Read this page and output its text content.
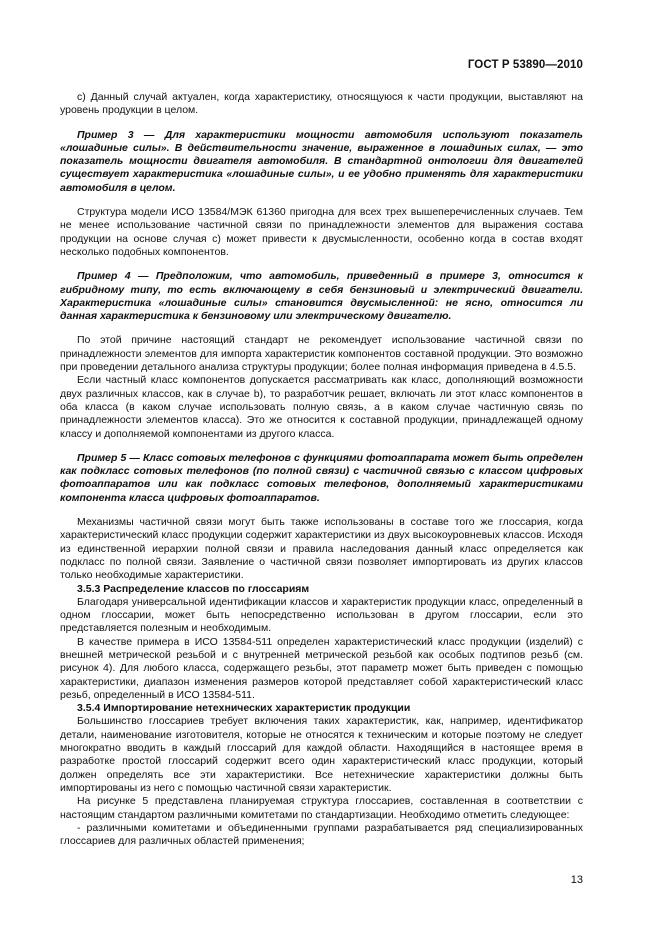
ГОСТ Р 53890—2010

с) Данный случай актуален, когда характеристику, относящуюся к части продукции, выставляют на уровень продукции в целом.

Пример 3 — Для характеристики мощности автомобиля используют показатель «лошадиные силы». В действительности значение, выраженное в лошадиных силах, — это показатель мощности двигателя автомобиля. В стандартной онтологии для двигателей существует характеристика «лошадиные силы», и ее удобно применять для характеристики автомобиля в целом.

Структура модели ИСО 13584/МЭК 61360 пригодна для всех трех вышеперечисленных случаев. Тем не менее использование частичной связи по принадлежности элементов для выражения состава продукции на основе случая с) может привести к двусмысленности, особенно когда в состав входят несколько подобных компонентов.

Пример 4 — Предположим, что автомобиль, приведенный в примере 3, относится к гибридному типу, то есть включающему в себя бензиновый и электрический двигатели. Характеристика «лошадиные силы» становится двусмысленной: не ясно, относится ли данная характеристика к бензиновому или электрическому двигателю.

По этой причине настоящий стандарт не рекомендует использование частичной связи по принадлежности элементов для импорта характеристик компонентов составной продукции. Это возможно при проведении детального анализа структуры продукции; более полная информация приведена в 4.5.5.

Если частный класс компонентов допускается рассматривать как класс, дополняющий возможности двух различных классов, как в случае b), то разработчик решает, включать ли этот класс компонентов в оба класса (в каком случае использовать полную связь, а в каком случае частичную связь по принадлежности элементов класса). Это же относится к составной продукции, принадлежащей одному классу и дополняемой компонентами из другого класса.

Пример 5 — Класс сотовых телефонов с функциями фотоаппарата может быть определен как подкласс сотовых телефонов (по полной связи) с частичной связью с классом цифровых фотоаппаратов или как подкласс сотовых телефонов, дополняемый характеристиками компонента класса цифровых фотоаппаратов.

Механизмы частичной связи могут быть также использованы в составе того же глоссария, когда характеристический класс продукции содержит характеристики из двух высокоуровневых классов. Исходя из единственной иерархии полной связи и правила наследования данный класс определяется как подкласс по полной связи. Заявление о частичной связи позволяет импортировать из других классов только необходимые характеристики.

3.5.3 Распределение классов по глоссариям

Благодаря универсальной идентификации классов и характеристик продукции класс, определенный в одном глоссарии, может быть непосредственно использован в другом глоссарии, если это представляется полезным и необходимым.

В качестве примера в ИСО 13584-511 определен характеристический класс продукции (изделий) с внешней метрической резьбой и с внутренней метрической резьбой как особых подтипов резьб (см. рисунок 4). Для любого класса, содержащего резьбы, этот параметр может быть приведен с помощью характеристики, диапазон изменения размеров которой представляет собой характеристический класс резьб, определенный в ИСО 13584-511.

3.5.4 Импортирование нетехнических характеристик продукции

Большинство глоссариев требует включения таких характеристик, как, например, идентификатор детали, наименование изготовителя, которые не относятся к техническим и которые поэтому не следует многократно вводить в каждый глоссарий для каждой области. Находящийся в настоящее время в разработке простой глоссарий содержит всего один характеристический класс продукции, который должен определять все эти характеристики. Все нетехнические характеристики должны быть импортированы из него с помощью частичной связи характеристик.

На рисунке 5 представлена планируемая структура глоссариев, составленная в соответствии с настоящим стандартом различными комитетами по стандартизации. Необходимо отметить следующее:

- различными комитетами и объединенными группами разрабатывается ряд специализированных глоссариев для различных областей применения;

13
